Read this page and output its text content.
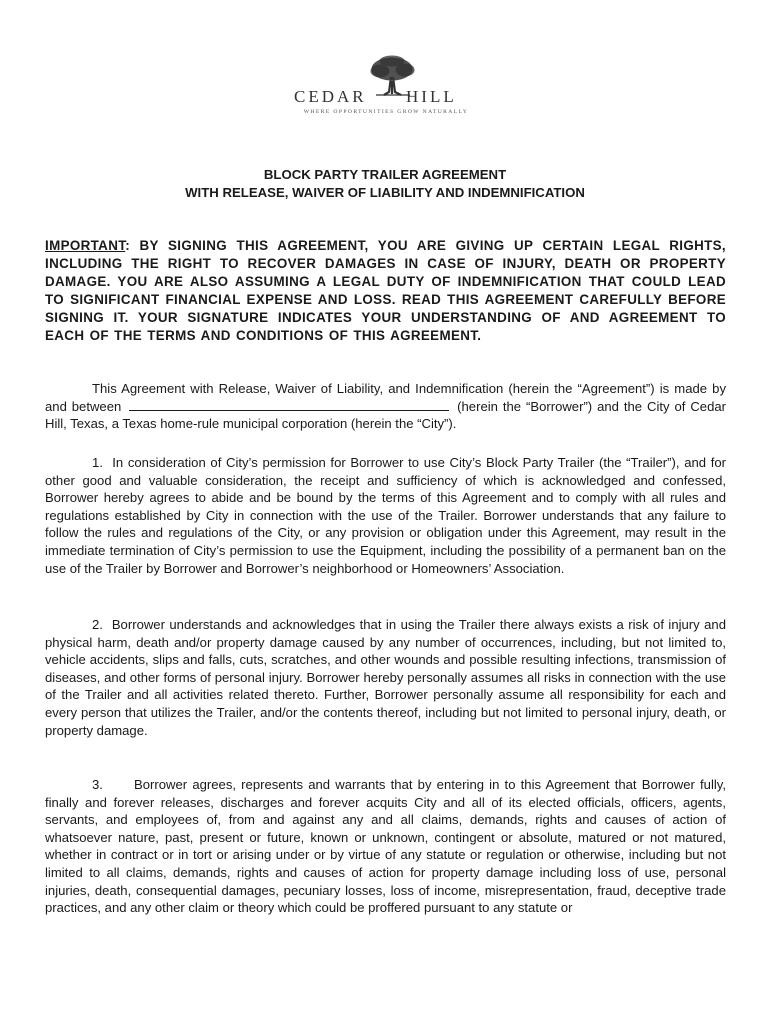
CEDAR HILL
WHERE OPPORTUNITIES GROW NATURALLY
BLOCK PARTY TRAILER AGREEMENT
WITH RELEASE, WAIVER OF LIABILITY AND INDEMNIFICATION
IMPORTANT: BY SIGNING THIS AGREEMENT, YOU ARE GIVING UP CERTAIN LEGAL RIGHTS, INCLUDING THE RIGHT TO RECOVER DAMAGES IN CASE OF INJURY, DEATH OR PROPERTY DAMAGE. YOU ARE ALSO ASSUMING A LEGAL DUTY OF INDEMNIFICATION THAT COULD LEAD TO SIGNIFICANT FINANCIAL EXPENSE AND LOSS. READ THIS AGREEMENT CAREFULLY BEFORE SIGNING IT. YOUR SIGNATURE INDICATES YOUR UNDERSTANDING OF AND AGREEMENT TO EACH OF THE TERMS AND CONDITIONS OF THIS AGREEMENT.
This Agreement with Release, Waiver of Liability, and Indemnification (herein the “Agreement”) is made by and between	(herein the “Borrower”) and the City of Cedar Hill, Texas, a Texas home-rule municipal corporation (herein the “City”).
1. In consideration of City’s permission for Borrower to use City’s Block Party Trailer (the “Trailer”), and for other good and valuable consideration, the receipt and sufficiency of which is acknowledged and confessed, Borrower hereby agrees to abide and be bound by the terms of this Agreement and to comply with all rules and regulations established by City in connection with the use of the Trailer. Borrower understands that any failure to follow the rules and regulations of the City, or any provision or obligation under this Agreement, may result in the immediate termination of City’s permission to use the Equipment, including the possibility of a permanent ban on the use of the Trailer by Borrower and Borrower’s neighborhood or Homeowners’ Association.
2. Borrower understands and acknowledges that in using the Trailer there always exists a risk of injury and physical harm, death and/or property damage caused by any number of occurrences, including, but not limited to, vehicle accidents, slips and falls, cuts, scratches, and other wounds and possible resulting infections, transmission of diseases, and other forms of personal injury. Borrower hereby personally assumes all risks in connection with the use of the Trailer and all activities related thereto. Further, Borrower personally assume all responsibility for each and every person that utilizes the Trailer, and/or the contents thereof, including but not limited to personal injury, death, or property damage.
3. Borrower agrees, represents and warrants that by entering in to this Agreement that Borrower fully, finally and forever releases, discharges and forever acquits City and all of its elected officials, officers, agents, servants, and employees of, from and against any and all claims, demands, rights and causes of action of whatsoever nature, past, present or future, known or unknown, contingent or absolute, matured or not matured, whether in contract or in tort or arising under or by virtue of any statute or regulation or otherwise, including but not limited to all claims, demands, rights and causes of action for property damage including loss of use, personal injuries, death, consequential damages, pecuniary losses, loss of income, misrepresentation, fraud, deceptive trade practices, and any other claim or theory which could be proffered pursuant to any statute or
